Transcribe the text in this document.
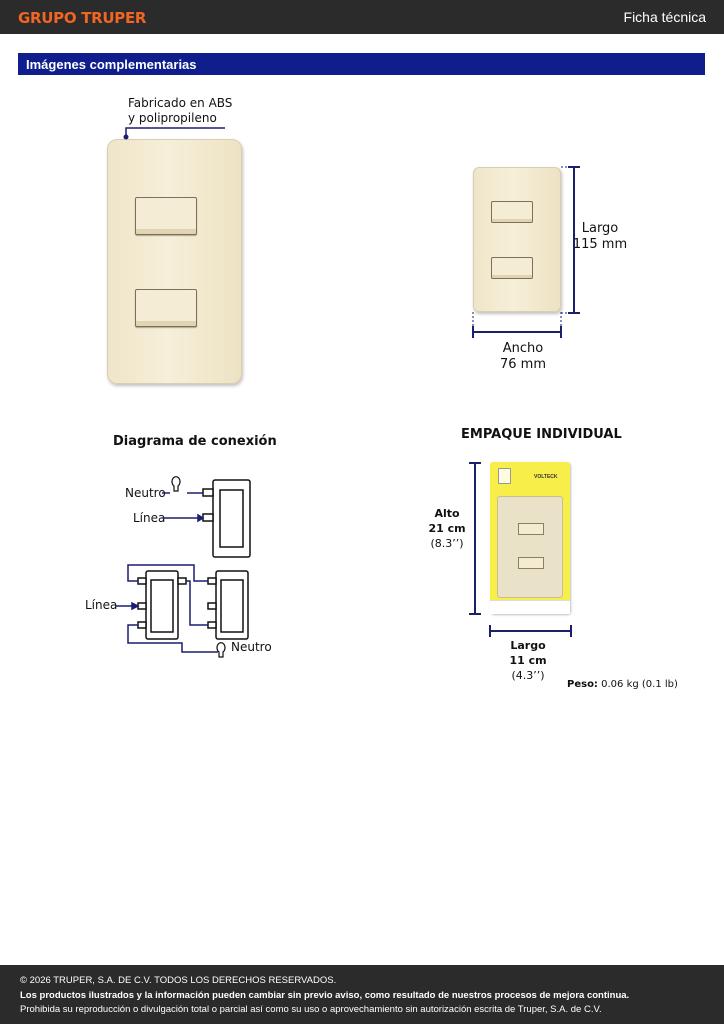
GRUPO TRUPER	Ficha técnica
Imágenes complementarias
Fabricado en ABS
y polipropileno
Largo
115 mm
Ancho
76 mm
Diagrama de conexión
Neutro
Línea
Línea
Neutro
EMPAQUE INDIVIDUAL
VOLTECK
Alto
21 cm
(8.3’’)
Largo
11 cm
(4.3’’)
Peso: 0.06 kg (0.1 lb)
© 2026 TRUPER, S.A. DE C.V. TODOS LOS DERECHOS RESERVADOS.
Los productos ilustrados y la información pueden cambiar sin previo aviso, como resultado de nuestros procesos de mejora continua.
Prohibida su reproducción o divulgación total o parcial así como su uso o aprovechamiento sin autorización escrita de Truper, S.A. de C.V.
